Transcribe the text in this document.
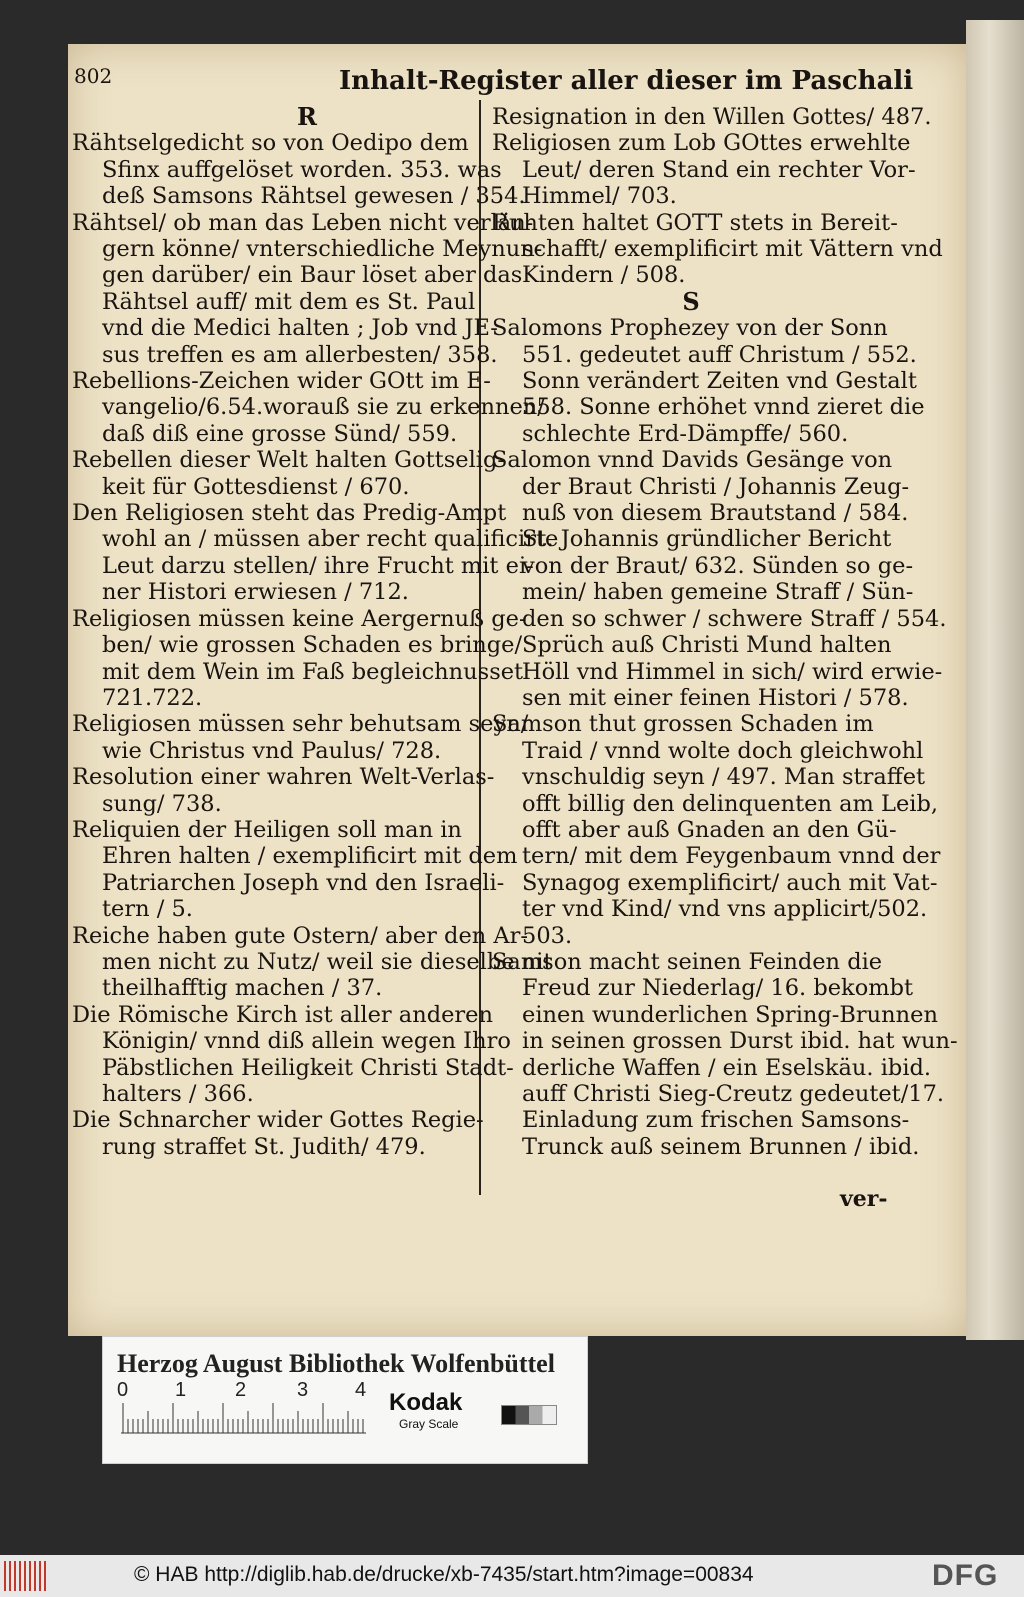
802	Inhalt-Register aller dieser im Paschali
R

Rähtselgedicht so von Oedipo dem

Sfinx auffgelöset worden. 353. was

deß Samsons Rähtsel gewesen / 354.

Rähtsel/ ob man das Leben nicht verlän-

gern könne/ vnterschiedliche Meynun-

gen darüber/ ein Baur löset aber das

Rähtsel auff/ mit dem es St. Paul

vnd die Medici halten ; Job vnd JE-

sus treffen es am allerbesten/ 358.

Rebellions-Zeichen wider GOtt im E-

vangelio/6.54.worauß sie zu erkennen/

daß diß eine grosse Sünd/ 559.

Rebellen dieser Welt halten Gottselig-

keit für Gottesdienst / 670.

Den Religiosen steht das Predig-Ampt

wohl an / müssen aber recht qualificirte

Leut darzu stellen/ ihre Frucht mit ei-

ner Histori erwiesen / 712.

Religiosen müssen keine Aergernuß ge-

ben/ wie grossen Schaden es bringe/

mit dem Wein im Faß begleichnusset

721.722.

Religiosen müssen sehr behutsam seyn/

wie Christus vnd Paulus/ 728.

Resolution einer wahren Welt-Verlas-

sung/ 738.

Reliquien der Heiligen soll man in

Ehren halten / exemplificirt mit dem

Patriarchen Joseph vnd den Israeli-

tern / 5.

Reiche haben gute Ostern/ aber den Ar-

men nicht zu Nutz/ weil sie dieselbe nit

theilhafftig machen / 37.

Die Römische Kirch ist aller anderen

Königin/ vnnd diß allein wegen Ihro

Päbstlichen Heiligkeit Christi Stadt-

halters / 366.

Die Schnarcher wider Gottes Regie-

rung straffet St. Judith/ 479.

Resignation in den Willen Gottes/ 487.

Religiosen zum Lob GOttes erwehlte

Leut/ deren Stand ein rechter Vor-

Himmel/ 703.

Ruhten haltet GOTT stets in Bereit-

schafft/ exemplificirt mit Vättern vnd

Kindern / 508.

S

Salomons Prophezey von der Sonn

551. gedeutet auff Christum / 552.

Sonn verändert Zeiten vnd Gestalt

558. Sonne erhöhet vnnd zieret die

schlechte Erd-Dämpffe/ 560.

Salomon vnnd Davids Gesänge von

der Braut Christi / Johannis Zeug-

nuß von diesem Brautstand / 584.

St. Johannis gründlicher Bericht

von der Braut/ 632. Sünden so ge-

mein/ haben gemeine Straff / Sün-

den so schwer / schwere Straff / 554.

Sprüch auß Christi Mund halten

Höll vnd Himmel in sich/ wird erwie-

sen mit einer feinen Histori / 578.

Samson thut grossen Schaden im

Traid / vnnd wolte doch gleichwohl

vnschuldig seyn / 497. Man straffet

offt billig den delinquenten am Leib,

offt aber auß Gnaden an den Gü-

tern/ mit dem Feygenbaum vnnd der

Synagog exemplificirt/ auch mit Vat-

ter vnd Kind/ vnd vns applicirt/502.

503.

Samson macht seinen Feinden die

Freud zur Niederlag/ 16. bekombt

einen wunderlichen Spring-Brunnen

in seinen grossen Durst ibid. hat wun-

derliche Waffen / ein Eselskäu. ibid.

auff Christi Sieg-Creutz gedeutet/17.

Einladung zum frischen Samsons-

Trunck auß seinem Brunnen / ibid.

ver-
Herzog August Bibliothek Wolfenbüttel
0 1 2	3 4 Kodak
Gray Scale
© HAB http://diglib.hab.de/drucke/xb-7435/start.htm?image=00834	DFG
